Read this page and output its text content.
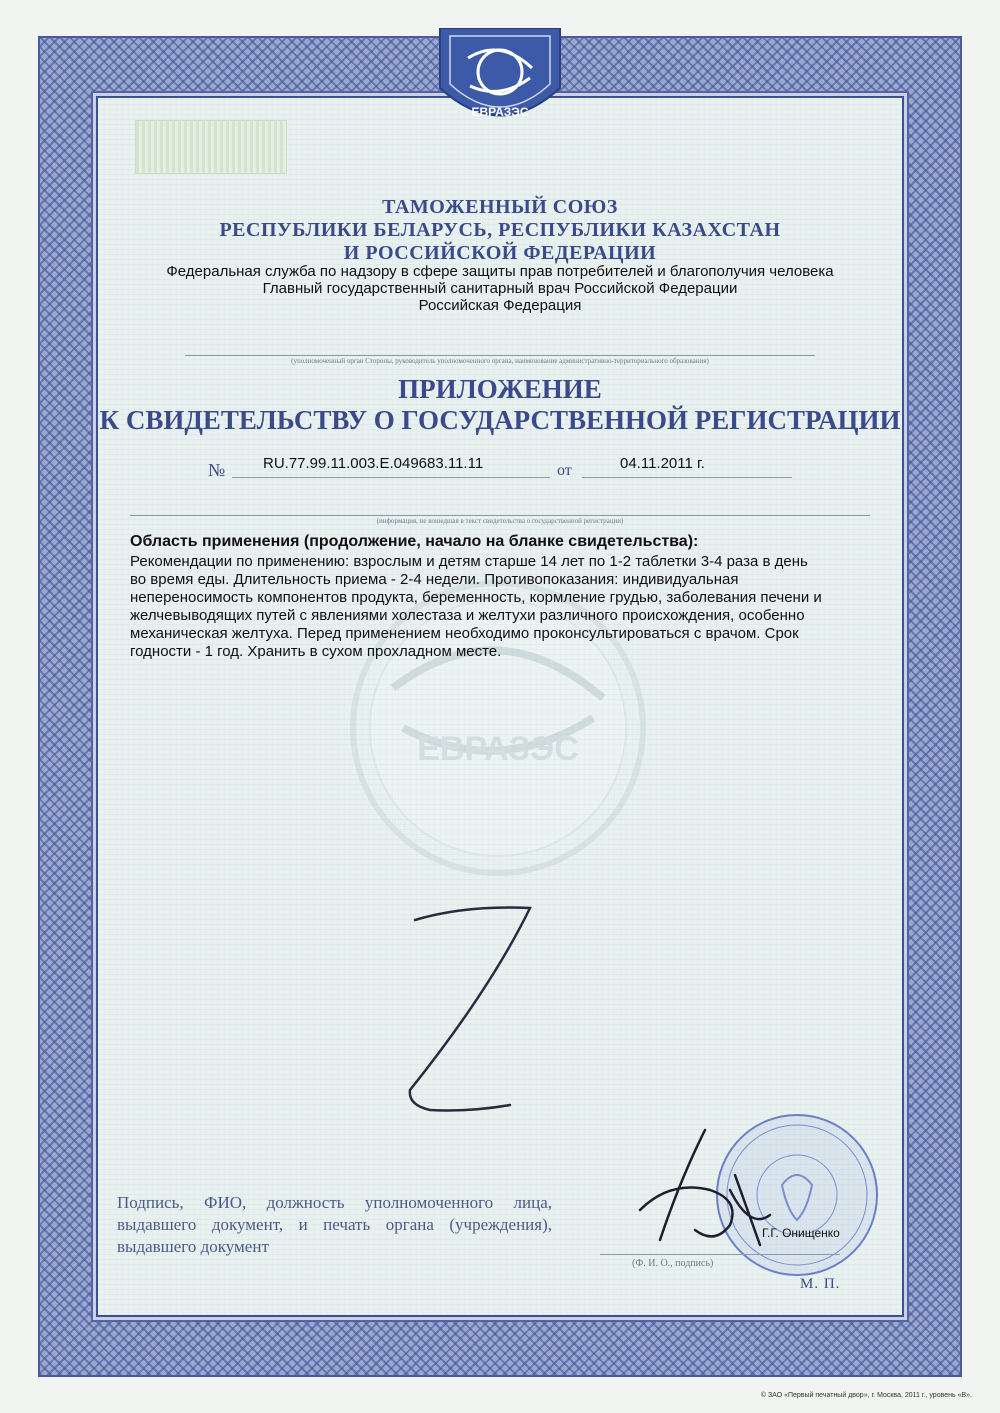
ЕВРАЗЭС
ЕВРАЗЭС
ТАМОЖЕННЫЙ СОЮЗ
РЕСПУБЛИКИ БЕЛАРУСЬ, РЕСПУБЛИКИ КАЗАХСТАН
И РОССИЙСКОЙ ФЕДЕРАЦИИ
Федеральная служба по надзору в сфере защиты прав потребителей и благополучия человека
Главный государственный санитарный врач Российской Федерации
Российская Федерация
(уполномоченный орган Стороны, руководитель уполномоченного органа, наименование административно-территориального образования)
ПРИЛОЖЕНИЕ
К СВИДЕТЕЛЬСТВУ О ГОСУДАРСТВЕННОЙ РЕГИСТРАЦИИ
№	RU.77.99.11.003.Е.049683.11.11	от	04.11.2011 г.
(информация, не вошедшая в текст свидетельства о государственной регистрации)
Область применения (продолжение, начало на бланке свидетельства):
Рекомендации по применению: взрослым и детям старше 14 лет по 1-2 таблетки 3-4 раза в день
во время еды. Длительность приема - 2-4 недели. Противопоказания: индивидуальная
непереносимость компонентов продукта, беременность, кормление грудью, заболевания печени и
желчевыводящих путей с явлениями холестаза и желтухи различного происхождения, особенно
механическая желтуха. Перед применением необходимо проконсультироваться с врачом. Срок
годности - 1 год. Хранить в сухом прохладном месте.
Подпись, ФИО, должность уполномоченного лица, выдавшего документ, и печать органа (учреждения), выдавшего документ
Г.Г. Онищенко
(Ф. И. О., подпись)
М. П.
© ЗАО «Первый печатный двор», г. Москва, 2011 г., уровень «В».
